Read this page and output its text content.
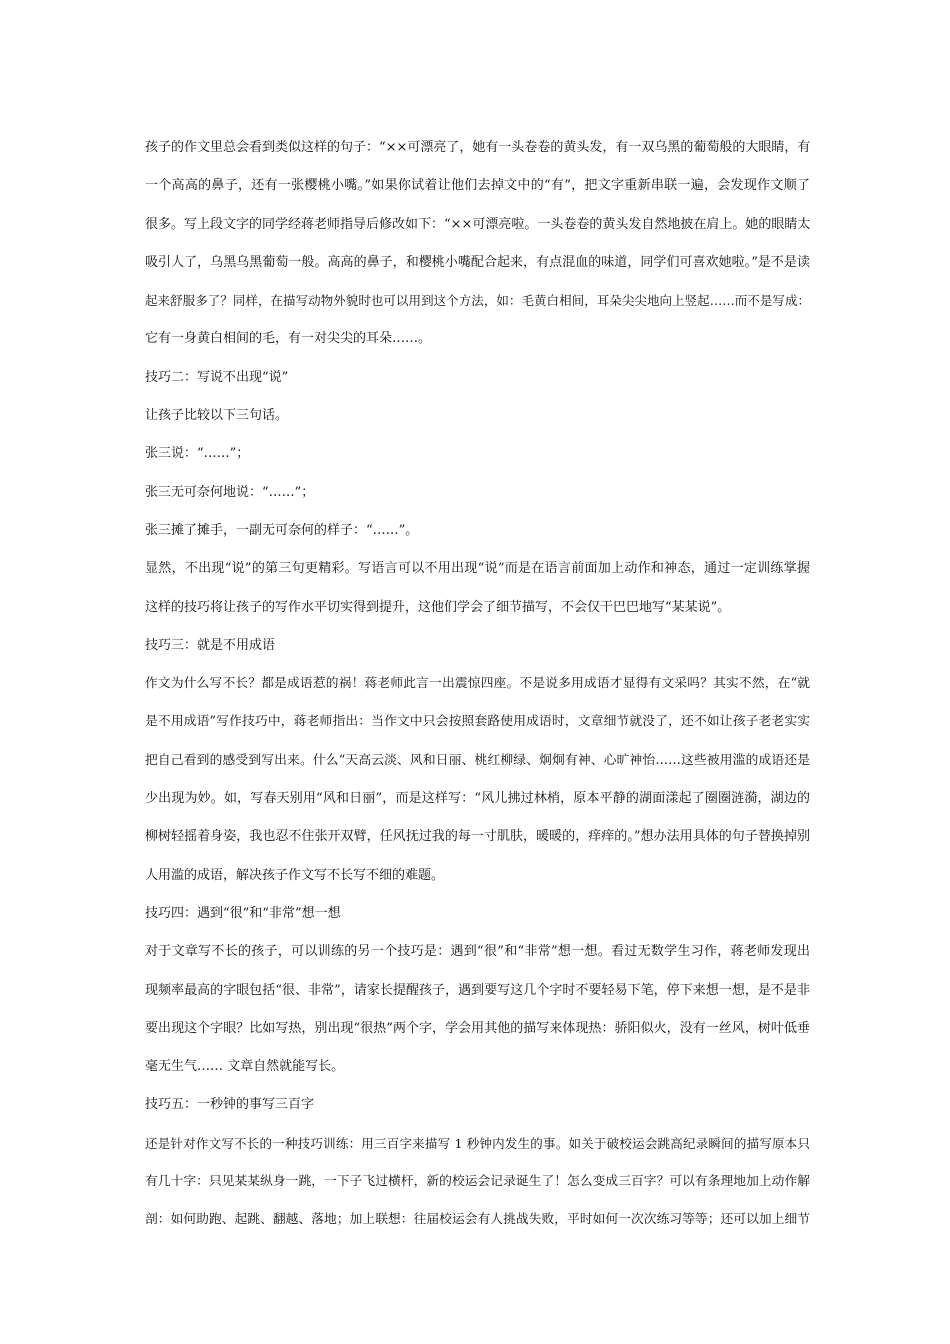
孩子的作文里总会看到类似这样的句子：“××可漂亮了，她有一头卷卷的黄头发，有一双乌黑的葡萄般的大眼睛，有
一个高高的鼻子，还有一张樱桃小嘴。”如果你试着让他们去掉文中的“有”，把文字重新串联一遍，会发现作文顺了
很多。写上段文字的同学经蒋老师指导后修改如下：“××可漂亮啦。一头卷卷的黄头发自然地披在肩上。她的眼睛太
吸引人了，乌黑乌黑葡萄一般。高高的鼻子，和樱桃小嘴配合起来，有点混血的味道，同学们可喜欢她啦。”是不是读
起来舒服多了？同样，在描写动物外貌时也可以用到这个方法，如：毛黄白相间，耳朵尖尖地向上竖起……而不是写成：
它有一身黄白相间的毛，有一对尖尖的耳朵……。
技巧二：写说不出现“说”
让孩子比较以下三句话。
张三说：“……”；
张三无可奈何地说：“……”；
张三摊了摊手，一副无可奈何的样子：“……”。
显然，不出现“说”的第三句更精彩。写语言可以不用出现“说”而是在语言前面加上动作和神态，通过一定训练掌握
这样的技巧将让孩子的写作水平切实得到提升，这他们学会了细节描写，不会仅干巴巴地写“某某说”。
技巧三：就是不用成语
作文为什么写不长？都是成语惹的祸！蒋老师此言一出震惊四座。不是说多用成语才显得有文采吗？其实不然，在“就
是不用成语”写作技巧中，蒋老师指出：当作文中只会按照套路使用成语时，文章细节就没了，还不如让孩子老老实实
把自己看到的感受到写出来。什么“天高云淡、风和日丽、桃红柳绿、炯炯有神、心旷神怡……这些被用滥的成语还是
少出现为妙。如，写春天别用“风和日丽”，而是这样写：“风儿拂过林梢，原本平静的湖面漾起了圈圈涟漪，湖边的
柳树轻摇着身姿，我也忍不住张开双臂，任风抚过我的每一寸肌肤，暖暖的，痒痒的。”想办法用具体的句子替换掉别
人用滥的成语，解决孩子作文写不长写不细的难题。
技巧四：遇到“很”和“非常”想一想
对于文章写不长的孩子，可以训练的另一个技巧是：遇到“很”和“非常”想一想。看过无数学生习作，蒋老师发现出
现频率最高的字眼包括“很、非常”，请家长提醒孩子，遇到要写这几个字时不要轻易下笔，停下来想一想，是不是非
要出现这个字眼？比如写热，别出现“很热”两个字，学会用其他的描写来体现热：骄阳似火，没有一丝风，树叶低垂
毫无生气…… 文章自然就能写长。
技巧五：一秒钟的事写三百字
还是针对作文写不长的一种技巧训练：用三百字来描写 1 秒钟内发生的事。如关于破校运会跳高纪录瞬间的描写原本只
有几十字：只见某某纵身一跳，一下子飞过横杆，新的校运会记录诞生了！怎么变成三百字？可以有条理地加上动作解
剖：如何助跑、起跳、翻越、落地；加上联想：往届校运会有人挑战失败，平时如何一次次练习等等；还可以加上细节
